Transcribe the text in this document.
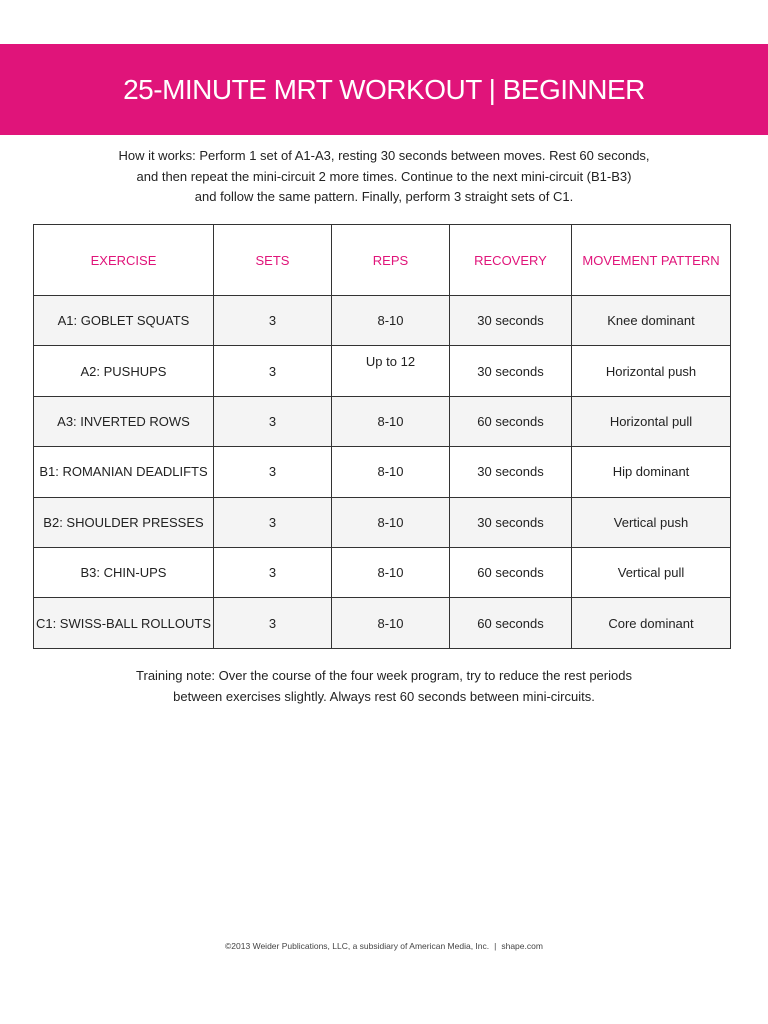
25-MINUTE MRT WORKOUT | BEGINNER
How it works: Perform 1 set of A1-A3, resting 30 seconds between moves. Rest 60 seconds,
and then repeat the mini-circuit 2 more times. Continue to the next mini-circuit (B1-B3)
and follow the same pattern. Finally, perform 3 straight sets of C1.
EXERCISE	SETS	REPS	RECOVERY	MOVEMENT PATTERN
A1: GOBLET SQUATS	3	8-10	30 seconds	Knee dominant
A2: PUSHUPS	3	Up to 12	30 seconds	Horizontal push
A3: INVERTED ROWS	3	8-10	60 seconds	Horizontal pull
B1: ROMANIAN DEADLIFTS	3	8-10	30 seconds	Hip dominant
B2: SHOULDER PRESSES	3	8-10	30 seconds	Vertical push
B3: CHIN-UPS	3	8-10	60 seconds	Vertical pull
C1: SWISS-BALL ROLLOUTS	3	8-10	60 seconds	Core dominant
Training note: Over the course of the four week program, try to reduce the rest periods
between exercises slightly. Always rest 60 seconds between mini-circuits.
©2013 Weider Publications, LLC, a subsidiary of American Media, Inc. | shape.com
